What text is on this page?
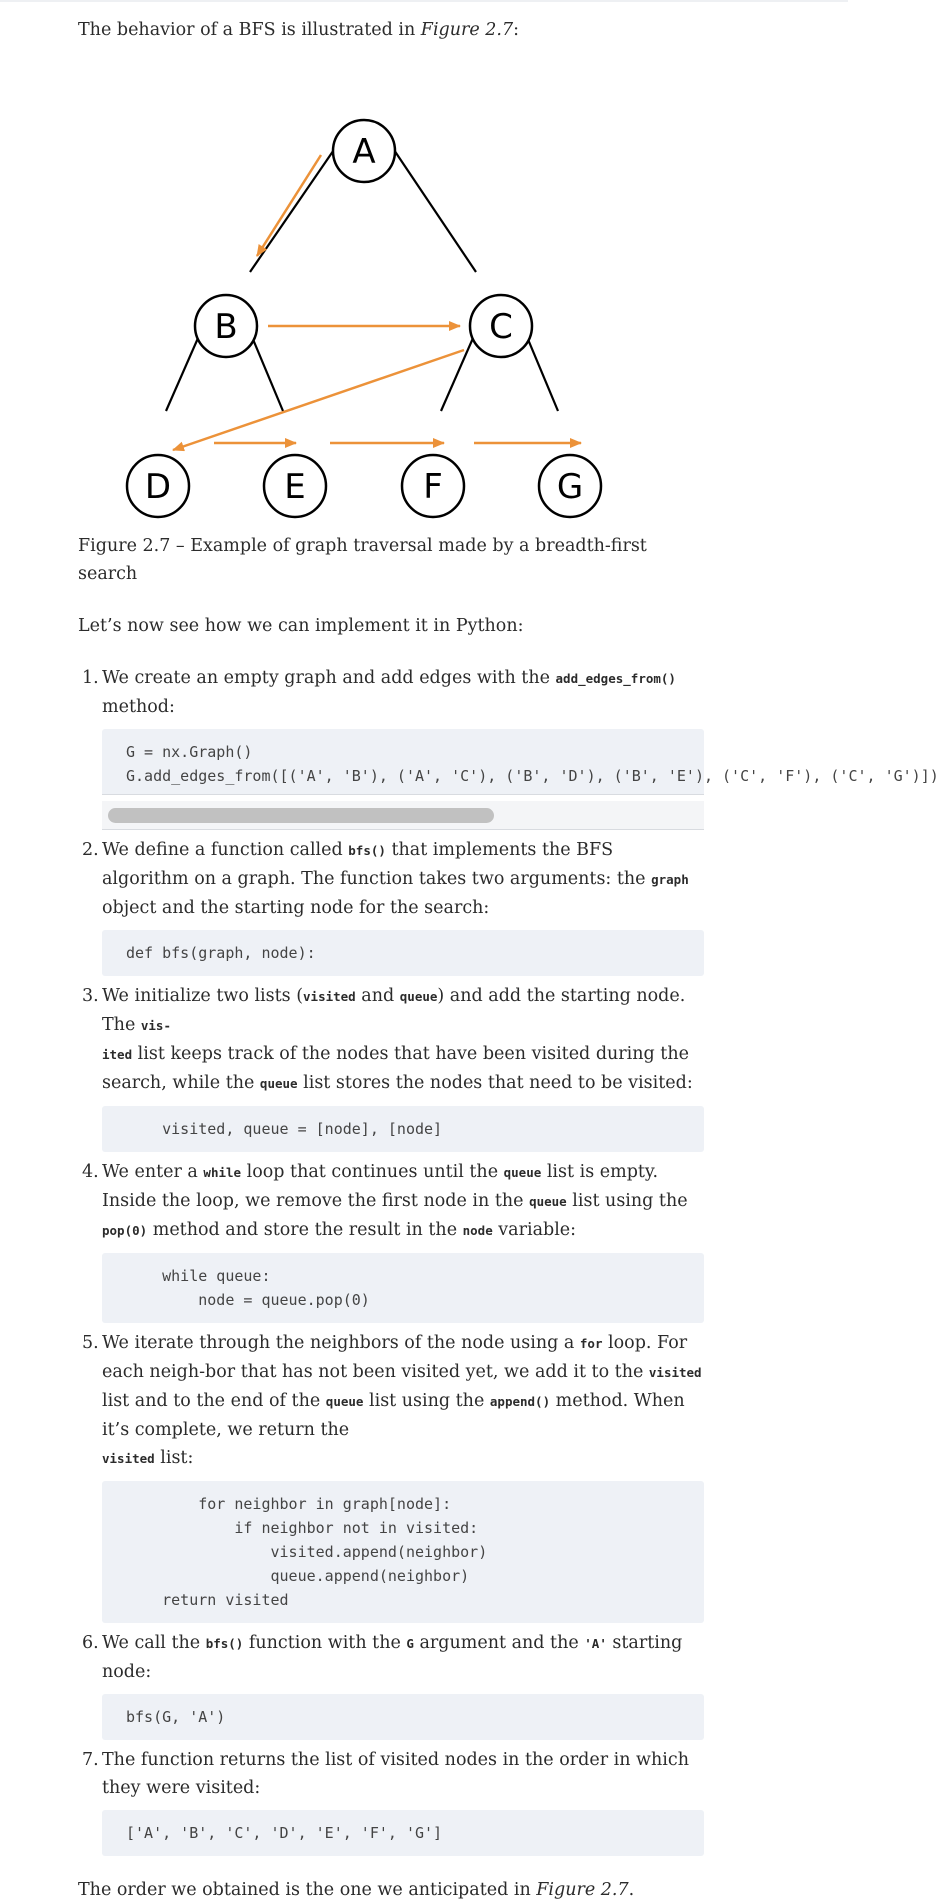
The behavior of a BFS is illustrated in Figure 2.7:

A
B	C
D	E	F	G

Figure 2.7 – Example of graph traversal made by a breadth-first search

Let’s now see how we can implement it in Python:

1. We create an empty graph and add edges with the add_edges_from() method:

G = nx.Graph()
G.add_edges_from([('A', 'B'), ('A', 'C'), ('B', 'D'), ('B', 'E'), ('C', 'F'), ('C', 'G')])
2. We define a function called bfs() that implements the BFS algorithm on a graph. The function takes two arguments: the graph object and the starting node for the search:

def bfs(graph, node):
3. We initialize two lists (visited and queue) and add the starting node. The vis-
ited list keeps track of the nodes that have been visited during the search, while the queue list stores the nodes that need to be visited:

visited, queue = [node], [node]
4. We enter a while loop that continues until the queue list is empty. Inside the loop, we remove the first node in the queue list using the pop(0) method and store the result in the node variable:

while queue:
node = queue.pop(0)
5. We iterate through the neighbors of the node using a for loop. For each neigh-bor that has not been visited yet, we add it to the visited list and to the end of the queue list using the append() method. When it’s complete, we return the
visited list:

for neighbor in graph[node]:
if neighbor not in visited:
visited.append(neighbor)
queue.append(neighbor)
return visited
6. We call the bfs() function with the G argument and the 'A' starting node:

bfs(G, 'A')
7. The function returns the list of visited nodes in the order in which they were visited:

['A', 'B', 'C', 'D', 'E', 'F', 'G']

The order we obtained is the one we anticipated in Figure 2.7.
